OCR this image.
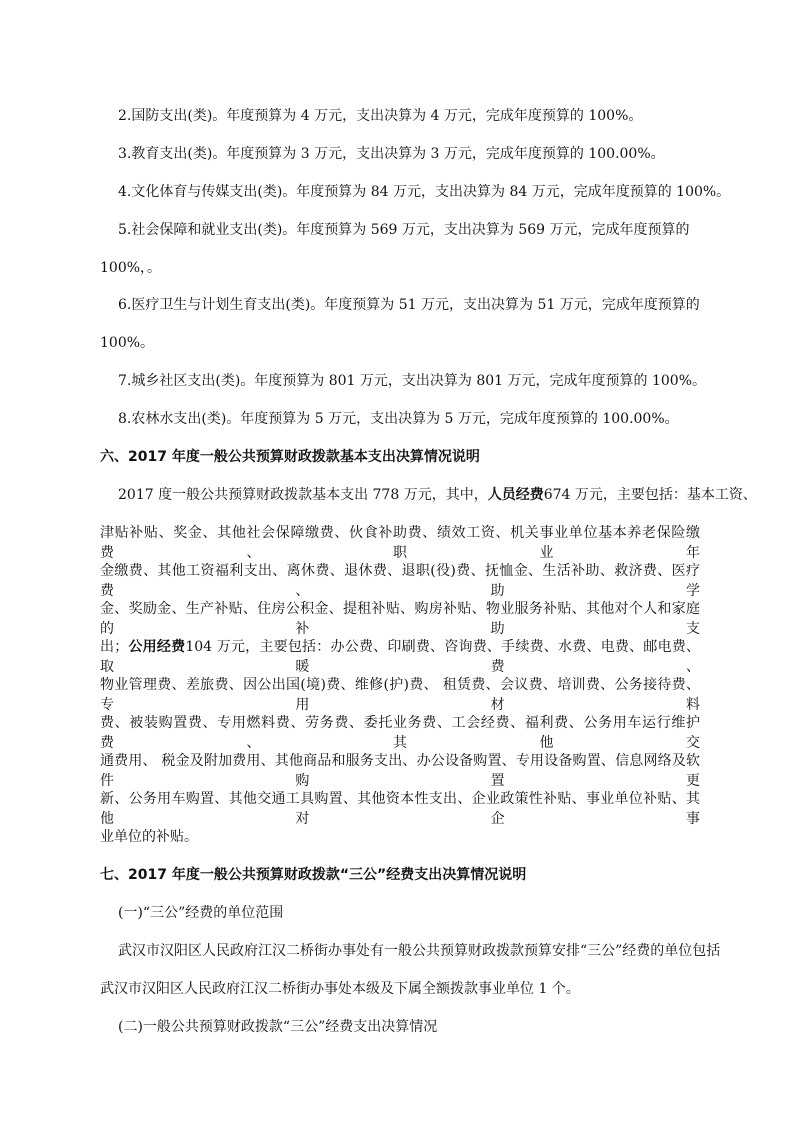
2.国防支出(类)。年度预算为 4 万元，支出决算为 4 万元，完成年度预算的 100%。
3.教育支出(类)。年度预算为 3 万元，支出决算为 3 万元，完成年度预算的 100.00%。
4.文化体育与传媒支出(类)。年度预算为 84 万元，支出决算为 84 万元，完成年度预算的 100%。
5.社会保障和就业支出(类)。年度预算为 569 万元，支出决算为 569 万元，完成年度预算的
100%，。
6.医疗卫生与计划生育支出(类)。年度预算为 51 万元，支出决算为 51 万元，完成年度预算的
100%。
7.城乡社区支出(类)。年度预算为 801 万元，支出决算为 801 万元，完成年度预算的 100%。
8.农林水支出(类)。年度预算为 5 万元，支出决算为 5 万元，完成年度预算的 100.00%。
六、2017 年度一般公共预算财政拨款基本支出决算情况说明
2017 度一般公共预算财政拨款基本支出 778 万元，其中，人员经费674 万元，主要包括：基本工资、
津贴补贴、奖金、其他社会保障缴费、伙食补助费、绩效工资、机关事业单位基本养老保险缴费、职业年
金缴费、其他工资福利支出、离休费、退休费、退职(役)费、抚恤金、生活补助、救济费、医疗费、助学
金、奖励金、生产补贴、住房公积金、提租补贴、购房补贴、物业服务补贴、其他对个人和家庭的补助支
出；公用经费104 万元，主要包括：办公费、印刷费、咨询费、手续费、水费、电费、邮电费、取暖费、
物业管理费、差旅费、因公出国(境)费、维修(护)费、 租赁费、会议费、培训费、公务接待费、专用材料
费、被装购置费、专用燃料费、劳务费、委托业务费、工会经费、福利费、公务用车运行维护费、其他交
通费用、 税金及附加费用、其他商品和服务支出、办公设备购置、专用设备购置、信息网络及软件购置更
新、公务用车购置、其他交通工具购置、其他资本性支出、企业政策性补贴、事业单位补贴、其他对企事
业单位的补贴。
七、2017 年度一般公共预算财政拨款“三公”经费支出决算情况说明
(一)“三公”经费的单位范围
武汉市汉阳区人民政府江汉二桥街办事处有一般公共预算财政拨款预算安排“三公”经费的单位包括
武汉市汉阳区人民政府江汉二桥街办事处本级及下属全额拨款事业单位 1 个。
(二)一般公共预算财政拨款“三公”经费支出决算情况
